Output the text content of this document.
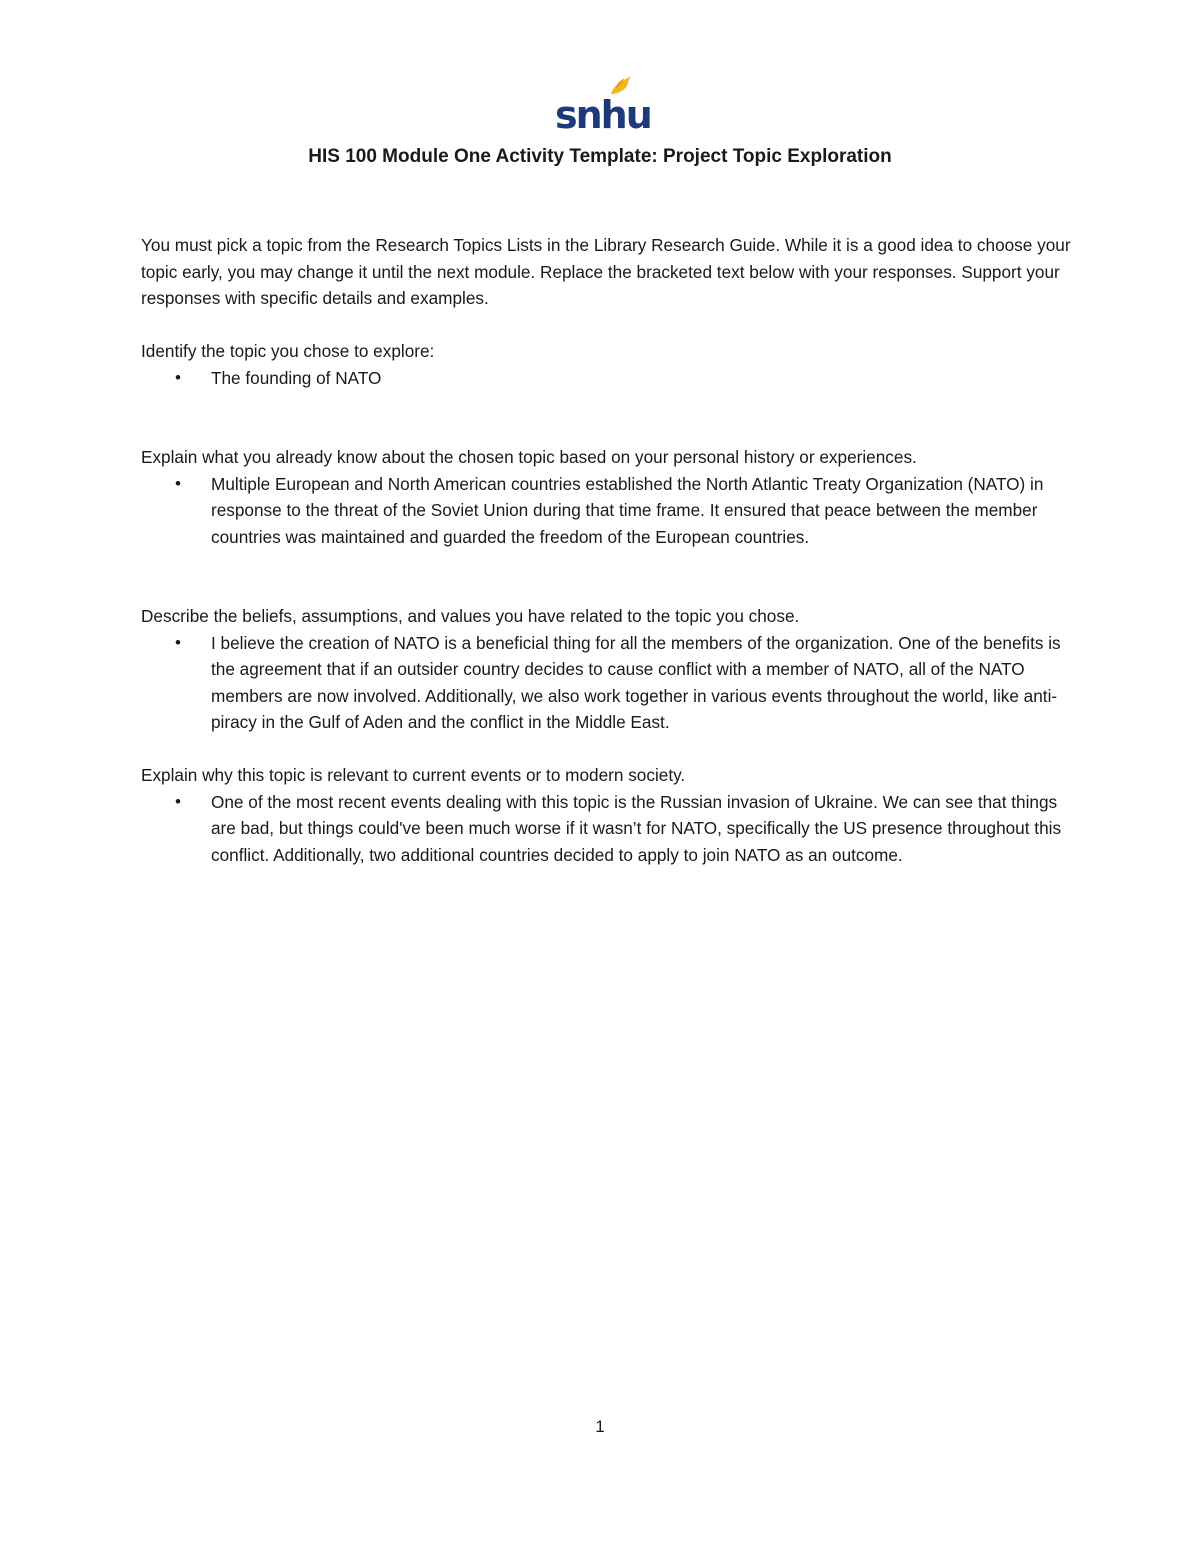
snhu
HIS 100 Module One Activity Template: Project Topic Exploration

You must pick a topic from the Research Topics Lists in the Library Research Guide. While it is a good idea to choose your topic early, you may change it until the next module. Replace the bracketed text below with your responses. Support your responses with specific details and examples.

Identify the topic you chose to explore:

• The founding of NATO

Explain what you already know about the chosen topic based on your personal history or experiences.

• Multiple European and North American countries established the North Atlantic Treaty Organization (NATO) in response to the threat of the Soviet Union during that time frame. It ensured that peace between the member countries was maintained and guarded the freedom of the European countries.

Describe the beliefs, assumptions, and values you have related to the topic you chose.

• I believe the creation of NATO is a beneficial thing for all the members of the organization. One of the benefits is the agreement that if an outsider country decides to cause conflict with a member of NATO, all of the NATO members are now involved. Additionally, we also work together in various events throughout the world, like anti-piracy in the Gulf of Aden and the conflict in the Middle East.

Explain why this topic is relevant to current events or to modern society.

• One of the most recent events dealing with this topic is the Russian invasion of Ukraine. We can see that things are bad, but things could've been much worse if it wasn’t for NATO, specifically the US presence throughout this conflict. Additionally, two additional countries decided to apply to join NATO as an outcome.
1
